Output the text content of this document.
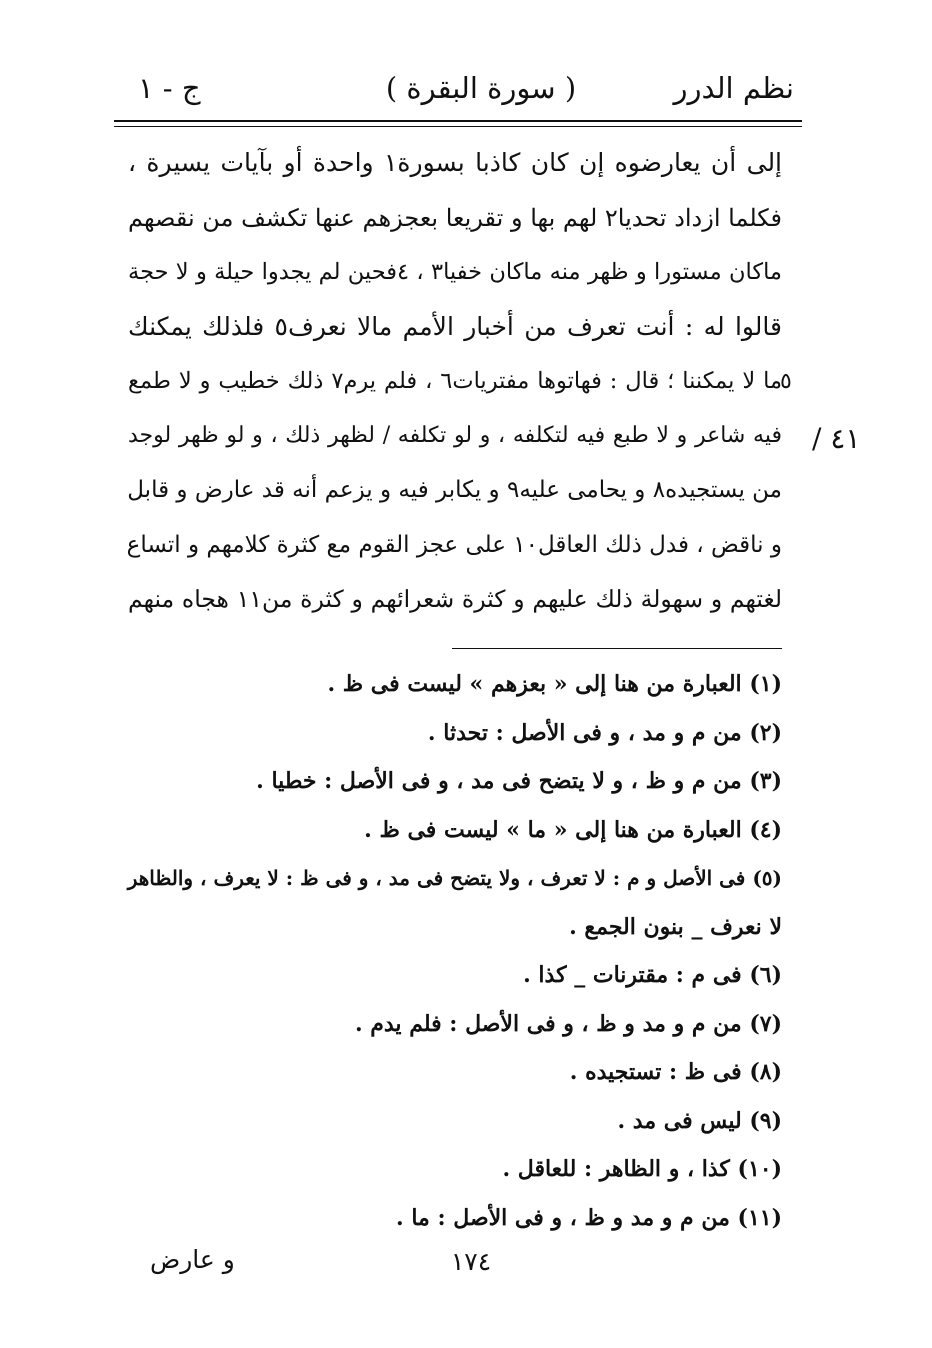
نظم الدرر
( سورة البقرة )
ج - ١
إلى أن يعارضوه إن كان كاذبا بسورة١ واحدة أو بآيات يسيرة ،
فكلما ازداد تحديا٢ لهم بها و تقريعا بعجزهم عنها تكشف من نقصهم
ماكان مستورا و ظهر منه ماكان خفيا٣ ، ٤فحين لم يجدوا حيلة و لا حجة
قالوا له : أنت تعرف من أخبار الأمم مالا نعرف٥ فلذلك يمكنك
ما لا يمكننا ؛ قال : فهاتوها مفتريات٦ ، فلم يرم٧ ذلك خطيب و لا طمع
فيه شاعر و لا طبع فيه لتكلفه ، و لو تكلفه / لظهر ذلك ، و لو ظهر لوجد
من يستجيده٨ و يحامى عليه٩ و يكابر فيه و يزعم أنه قد عارض و قابل
و ناقض ، فدل ذلك العاقل١٠ على عجز القوم مع كثرة كلامهم و اتساع
لغتهم و سهولة ذلك عليهم و كثرة شعرائهم و كثرة من١١ هجاه منهم
٥
٤١ /
(١) العبارة من هنا إلى « بعزهم » ليست فى ظ .
(٢) من م و مد ، و فى الأصل : تحدثا .
(٣) من م و ظ ، و لا يتضح فى مد ، و فى الأصل : خطيا .
(٤) العبارة من هنا إلى « ما » ليست فى ظ .
(٥) فى الأصل و م : لا تعرف ، ولا يتضح فى مد ، و فى ظ : لا يعرف ، والظاهر
لا نعرف _ بنون الجمع .
(٦) فى م : مقترنات _ كذا .
(٧) من م و مد و ظ ، و فى الأصل : فلم يدم .
(٨) فى ظ : تستجيده .
(٩) ليس فى مد .
(١٠) كذا ، و الظاهر : للعاقل .
(١١) من م و مد و ظ ، و فى الأصل : ما .
و عارض	١٧٤
